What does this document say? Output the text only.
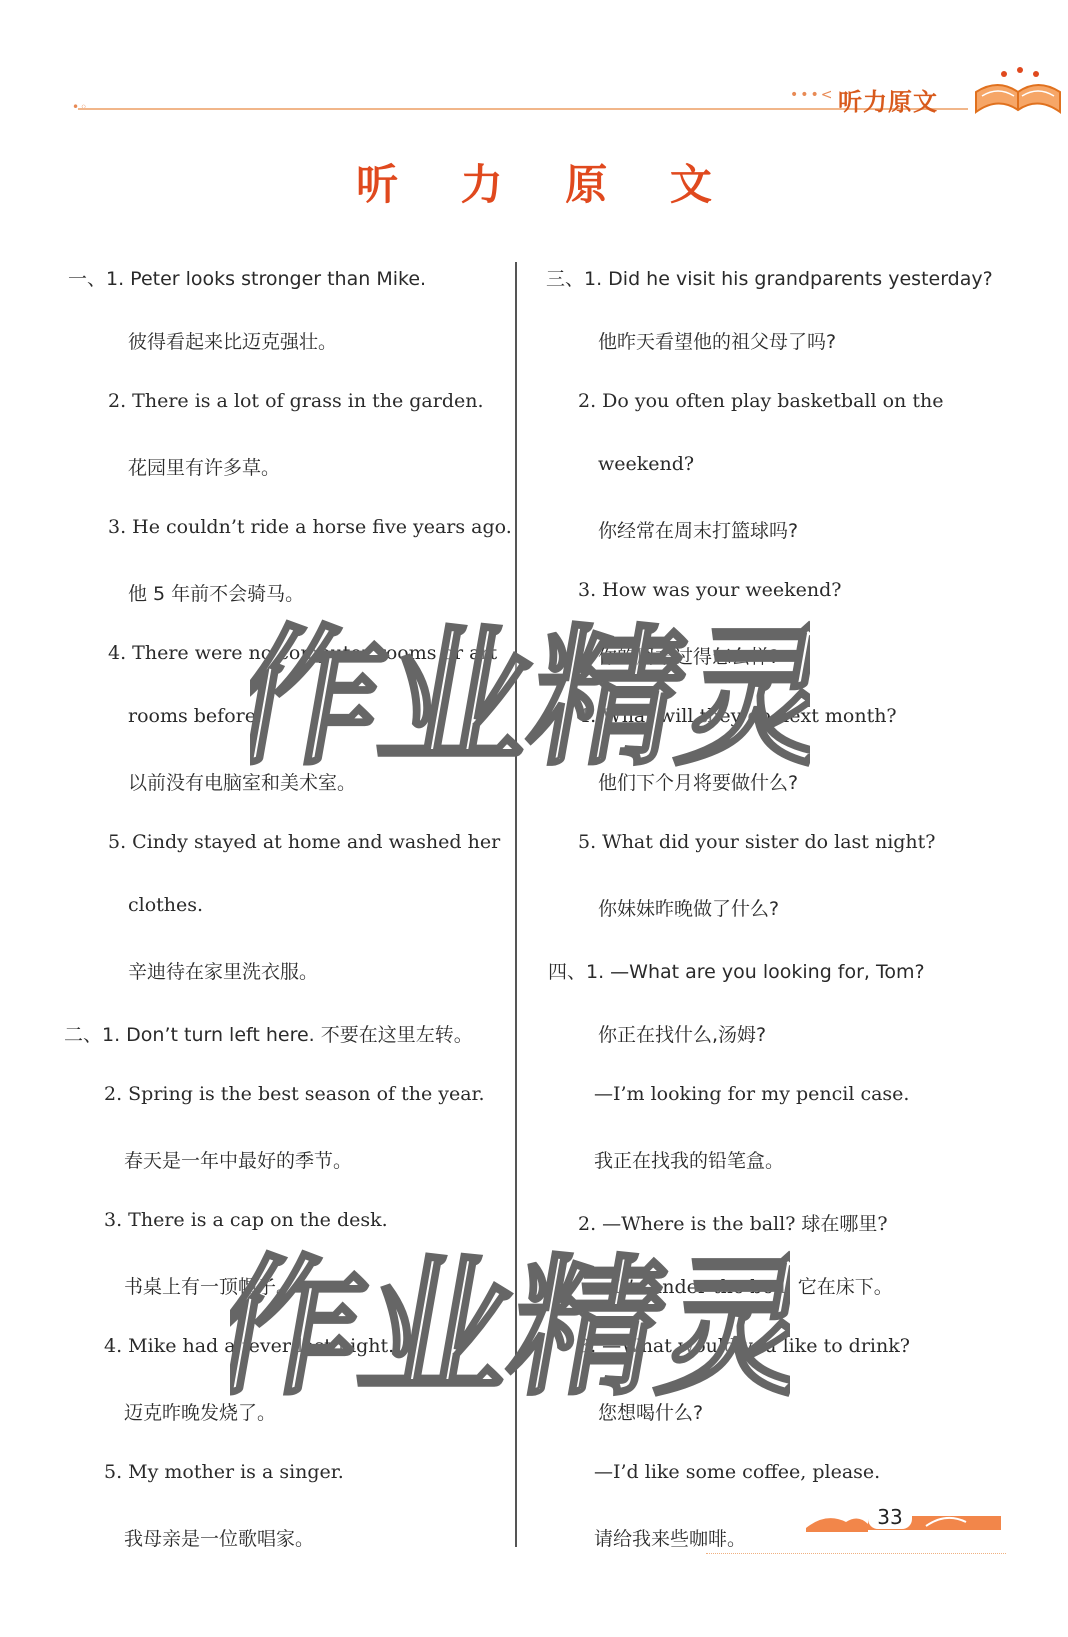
•◦
•••< 听力原文
听 力 原 文
一、1. Peter looks stronger than Mike.
彼得看起来比迈克强壮。
2. There is a lot of grass in the garden.
花园里有许多草。
3. He couldn’t ride a horse five years ago.
他 5 年前不会骑马。
4. There were no computer rooms or art
rooms before.
以前没有电脑室和美术室。
5. Cindy stayed at home and washed her
clothes.
辛迪待在家里洗衣服。
二、1. Don’t turn left here. 不要在这里左转。
2. Spring is the best season of the year.
春天是一年中最好的季节。
3. There is a cap on the desk.
书桌上有一顶帽子。
4. Mike had a fever last night.
迈克昨晚发烧了。
5. My mother is a singer.
我母亲是一位歌唱家。
三、1. Did he visit his grandparents yesterday?
他昨天看望他的祖父母了吗?
2. Do you often play basketball on the
weekend?
你经常在周末打篮球吗?
3. How was your weekend?
你的周末过得怎么样?
4. What will they do next month?
他们下个月将要做什么?
5. What did your sister do last night?
你妹妹昨晚做了什么?
四、1. —What are you looking for, Tom?
你正在找什么,汤姆?
—I’m looking for my pencil case.
我正在找我的铅笔盒。
2. —Where is the ball? 球在哪里?
—It’s under the bed. 它在床下。
3. —What would you like to drink?
您想喝什么?
—I’d like some coffee, please.
请给我来些咖啡。
作业精灵
作业精灵
33
